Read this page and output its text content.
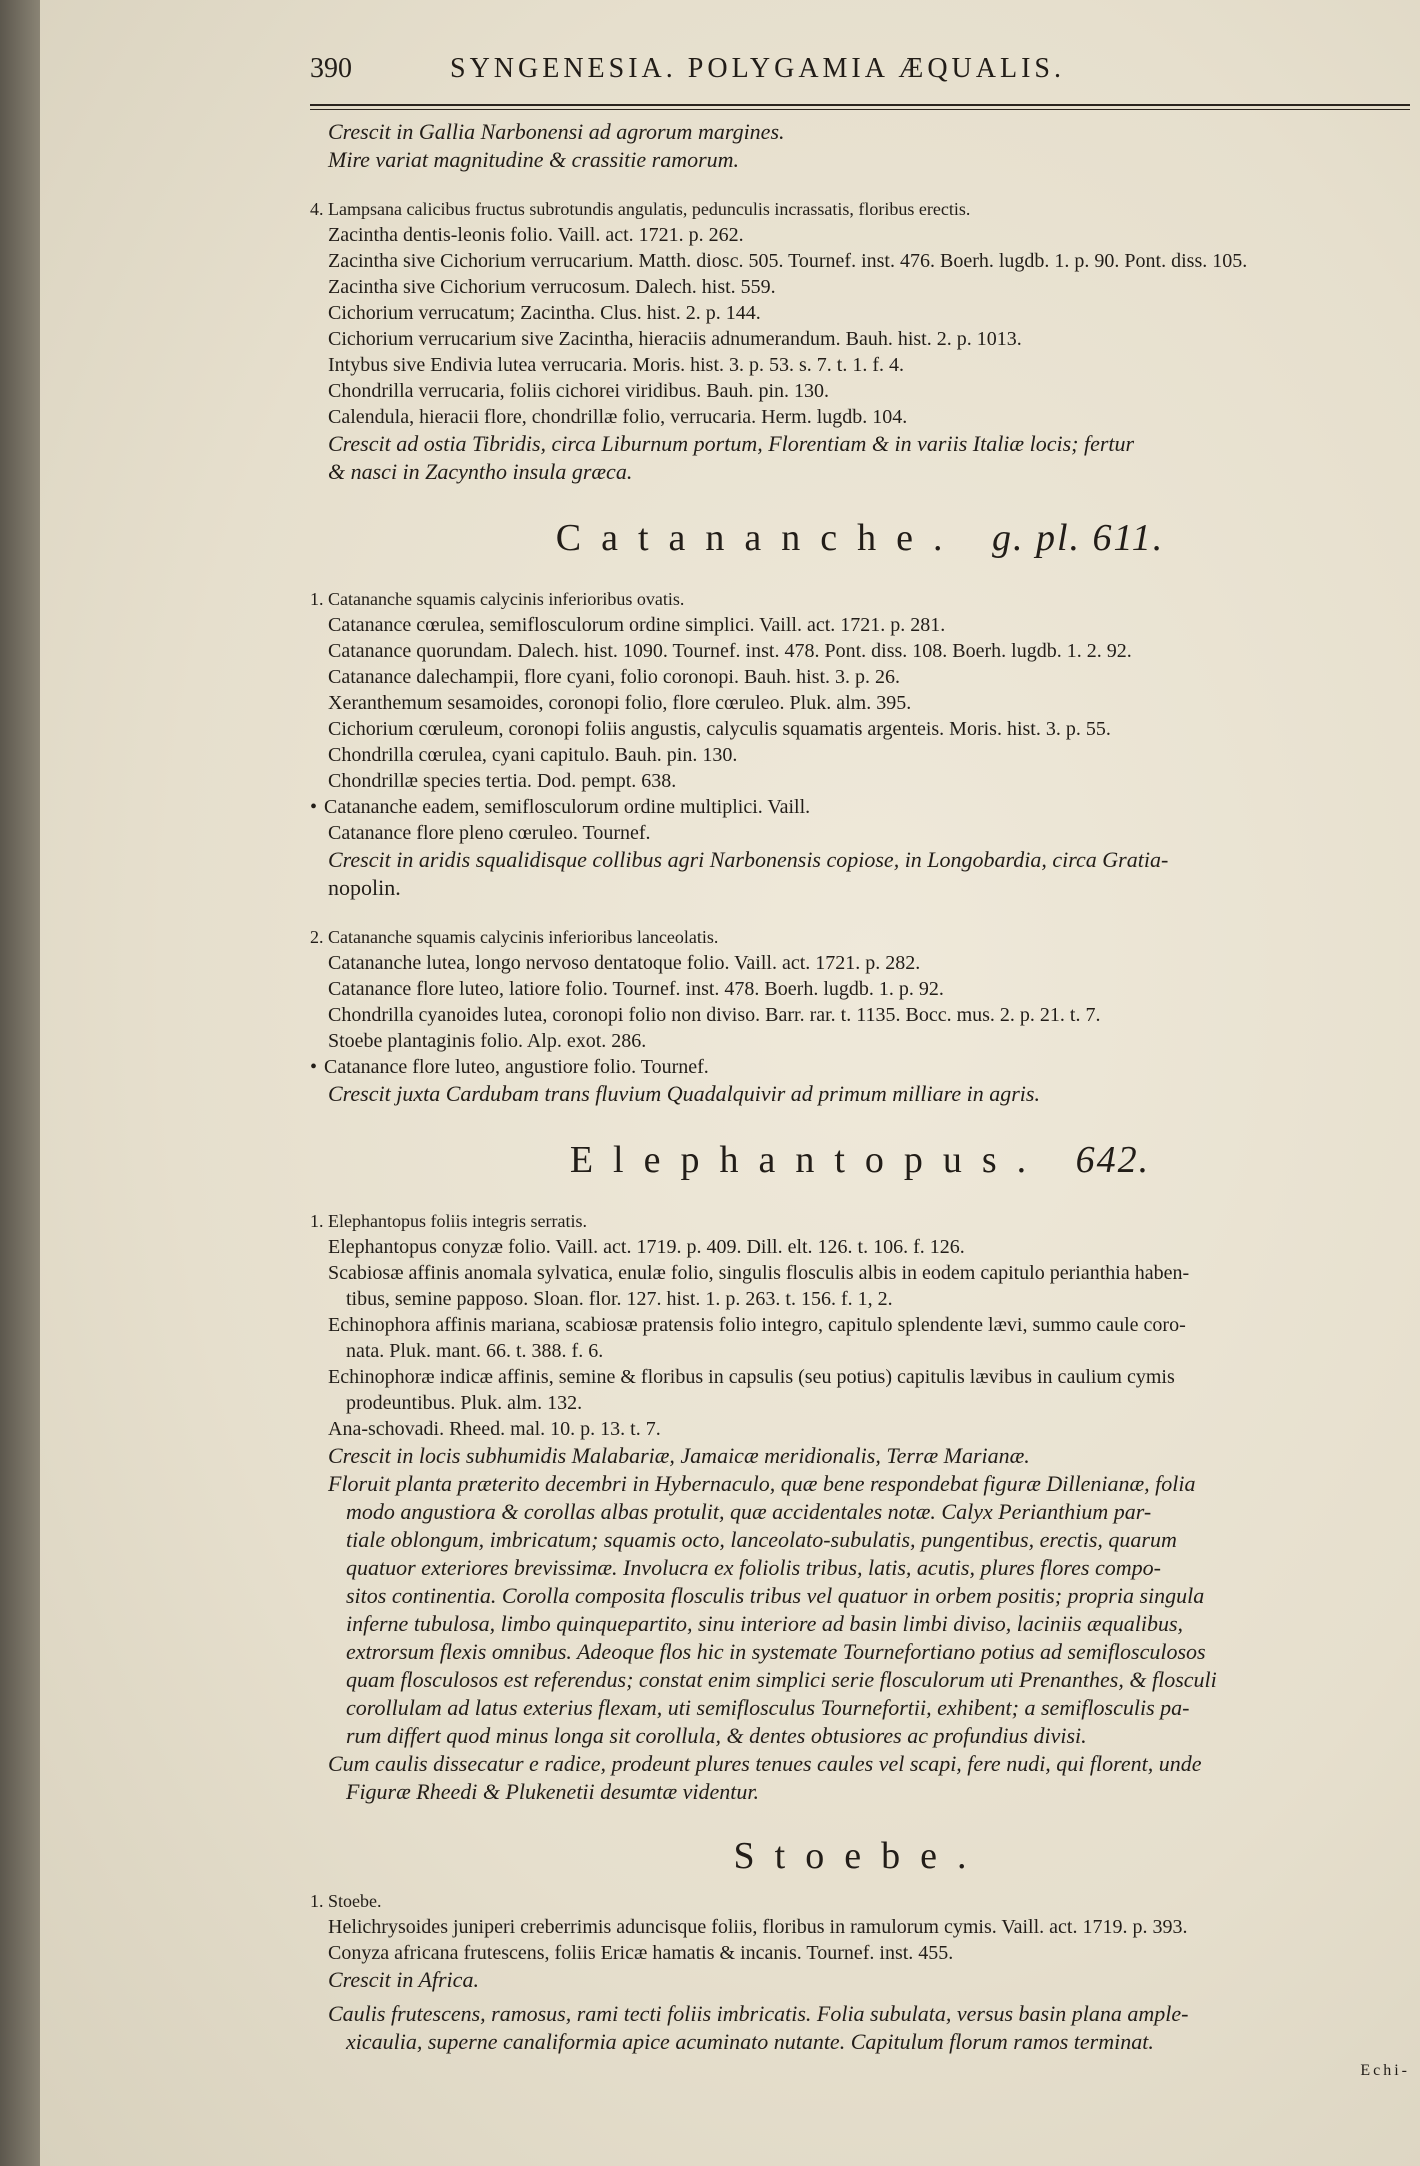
390	SYNGENESIA. POLYGAMIA ÆQUALIS.
Crescit in Gallia Narbonensi ad agrorum margines.
Mire variat magnitudine & crassitie ramorum.
4. Lampsana calicibus fructus subrotundis angulatis, pedunculis incrassatis, floribus erectis.
Zacintha dentis-leonis folio. Vaill. act. 1721. p. 262.
Zacintha sive Cichorium verrucarium. Matth. diosc. 505. Tournef. inst. 476. Boerh. lugdb. 1. p. 90. Pont. diss. 105.
Zacintha sive Cichorium verrucosum. Dalech. hist. 559.
Cichorium verrucatum; Zacintha. Clus. hist. 2. p. 144.
Cichorium verrucarium sive Zacintha, hieraciis adnumerandum. Bauh. hist. 2. p. 1013.
Intybus sive Endivia lutea verrucaria. Moris. hist. 3. p. 53. s. 7. t. 1. f. 4.
Chondrilla verrucaria, foliis cichorei viridibus. Bauh. pin. 130.
Calendula, hieracii flore, chondrillæ folio, verrucaria. Herm. lugdb. 104.
Crescit ad ostia Tibridis, circa Liburnum portum, Florentiam & in variis Italiæ locis; fertur
& nasci in Zacyntho insula græca.
Catananche. g. pl. 611.
1. Catananche squamis calycinis inferioribus ovatis.
Catanance cœrulea, semiflosculorum ordine simplici. Vaill. act. 1721. p. 281.
Catanance quorundam. Dalech. hist. 1090. Tournef. inst. 478. Pont. diss. 108. Boerh. lugdb. 1. 2. 92.
Catanance dalechampii, flore cyani, folio coronopi. Bauh. hist. 3. p. 26.
Xeranthemum sesamoides, coronopi folio, flore cœruleo. Pluk. alm. 395.
Cichorium cœruleum, coronopi foliis angustis, calyculis squamatis argenteis. Moris. hist. 3. p. 55.
Chondrilla cœrulea, cyani capitulo. Bauh. pin. 130.
Chondrillæ species tertia. Dod. pempt. 638.
• Catananche eadem, semiflosculorum ordine multiplici. Vaill.
Catanance flore pleno cœruleo. Tournef.
Crescit in aridis squalidisque collibus agri Narbonensis copiose, in Longobardia, circa Gratia-
nopolin.
2. Catananche squamis calycinis inferioribus lanceolatis.
Catananche lutea, longo nervoso dentatoque folio. Vaill. act. 1721. p. 282.
Catanance flore luteo, latiore folio. Tournef. inst. 478. Boerh. lugdb. 1. p. 92.
Chondrilla cyanoides lutea, coronopi folio non diviso. Barr. rar. t. 1135. Bocc. mus. 2. p. 21. t. 7.
Stoebe plantaginis folio. Alp. exot. 286.
• Catanance flore luteo, angustiore folio. Tournef.
Crescit juxta Cardubam trans fluvium Quadalquivir ad primum milliare in agris.
Elephantopus. 642.
1. Elephantopus foliis integris serratis.
Elephantopus conyzæ folio. Vaill. act. 1719. p. 409. Dill. elt. 126. t. 106. f. 126.
Scabiosæ affinis anomala sylvatica, enulæ folio, singulis flosculis albis in eodem capitulo perianthia haben-
tibus, semine papposo. Sloan. flor. 127. hist. 1. p. 263. t. 156. f. 1, 2.
Echinophora affinis mariana, scabiosæ pratensis folio integro, capitulo splendente lævi, summo caule coro-
nata. Pluk. mant. 66. t. 388. f. 6.
Echinophoræ indicæ affinis, semine & floribus in capsulis (seu potius) capitulis lævibus in caulium cymis
prodeuntibus. Pluk. alm. 132.
Ana-schovadi. Rheed. mal. 10. p. 13. t. 7.
Crescit in locis subhumidis Malabariæ, Jamaicæ meridionalis, Terræ Marianæ.
Floruit planta præterito decembri in Hybernaculo, quæ bene respondebat figuræ Dillenianæ, folia
modo angustiora & corollas albas protulit, quæ accidentales notæ. Calyx Perianthium par-
tiale oblongum, imbricatum; squamis octo, lanceolato-subulatis, pungentibus, erectis, quarum
quatuor exteriores brevissimæ. Involucra ex foliolis tribus, latis, acutis, plures flores compo-
sitos continentia. Corolla composita flosculis tribus vel quatuor in orbem positis; propria singula
inferne tubulosa, limbo quinquepartito, sinu interiore ad basin limbi diviso, laciniis æqualibus,
extrorsum flexis omnibus. Adeoque flos hic in systemate Tournefortiano potius ad semiflosculosos
quam flosculosos est referendus; constat enim simplici serie flosculorum uti Prenanthes, & flosculi
corollulam ad latus exterius flexam, uti semiflosculus Tournefortii, exhibent; a semiflosculis pa-
rum differt quod minus longa sit corollula, & dentes obtusiores ac profundius divisi.
Cum caulis dissecatur e radice, prodeunt plures tenues caules vel scapi, fere nudi, qui florent, unde
Figuræ Rheedi & Plukenetii desumtæ videntur.
Stoebe.
1. Stoebe.
Helichrysoides juniperi creberrimis aduncisque foliis, floribus in ramulorum cymis. Vaill. act. 1719. p. 393.
Conyza africana frutescens, foliis Ericæ hamatis & incanis. Tournef. inst. 455.
Crescit in Africa.
Caulis frutescens, ramosus, rami tecti foliis imbricatis. Folia subulata, versus basin plana ample-
xicaulia, superne canaliformia apice acuminato nutante. Capitulum florum ramos terminat.
Echi-
